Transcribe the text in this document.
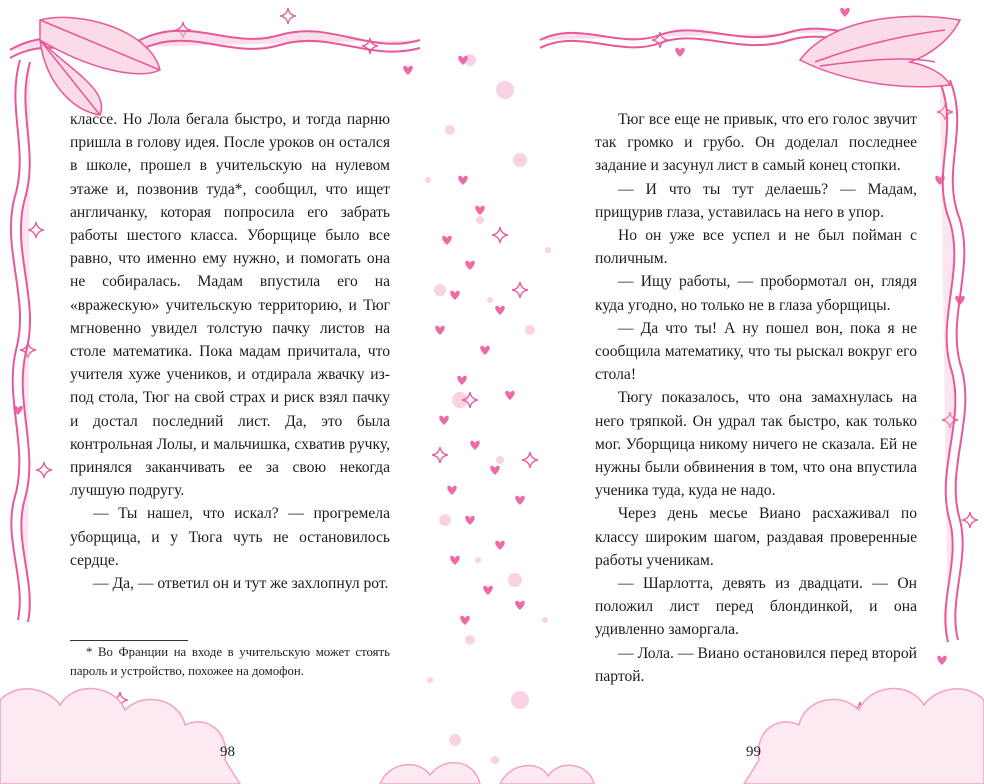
классе. Но Лола бегала быстро, и тогда парню пришла в голову идея. После уроков он остался в школе, прошел в учительскую на нулевом этаже и, позвонив туда*, сообщил, что ищет англичанку, которая попросила его забрать работы шестого класса. Уборщице было все равно, что именно ему нужно, и помогать она не собиралась. Мадам впустила его на «вражескую» учительскую территорию, и Тюг мгновенно увидел толстую пачку листов на столе математика. Пока мадам причитала, что учителя хуже учеников, и отдирала жвачку из-под стола, Тюг на свой страх и риск взял пачку и достал последний лист. Да, это была контрольная Лолы, и мальчишка, схватив ручку, принялся заканчивать ее за свою некогда лучшую подругу.

— Ты нашел, что искал? — прогремела уборщица, и у Тюга чуть не остановилось сердце.

— Да, — ответил он и тут же захлопнул рот.

* Во Франции на входе в учительскую может стоять пароль и устройство, похожее на домофон.

98

Тюг все еще не привык, что его голос звучит так громко и грубо. Он доделал последнее задание и засунул лист в самый конец стопки.

— И что ты тут делаешь? — Мадам, прищурив глаза, уставилась на него в упор.

Но он уже все успел и не был пойман с поличным.

— Ищу работы, — пробормотал он, глядя куда угодно, но только не в глаза уборщицы.

— Да что ты! А ну пошел вон, пока я не сообщила математику, что ты рыскал вокруг его стола!

Тюгу показалось, что она замахнулась на него тряпкой. Он удрал так быстро, как только мог. Уборщица никому ничего не сказала. Ей не нужны были обвинения в том, что она впустила ученика туда, куда не надо.

Через день месье Виано расхаживал по классу широким шагом, раздавая проверенные работы ученикам.

— Шарлотта, девять из двадцати. — Он положил лист перед блондинкой, и она удивленно заморгала.

— Лола. — Виано остановился перед второй партой.

99
